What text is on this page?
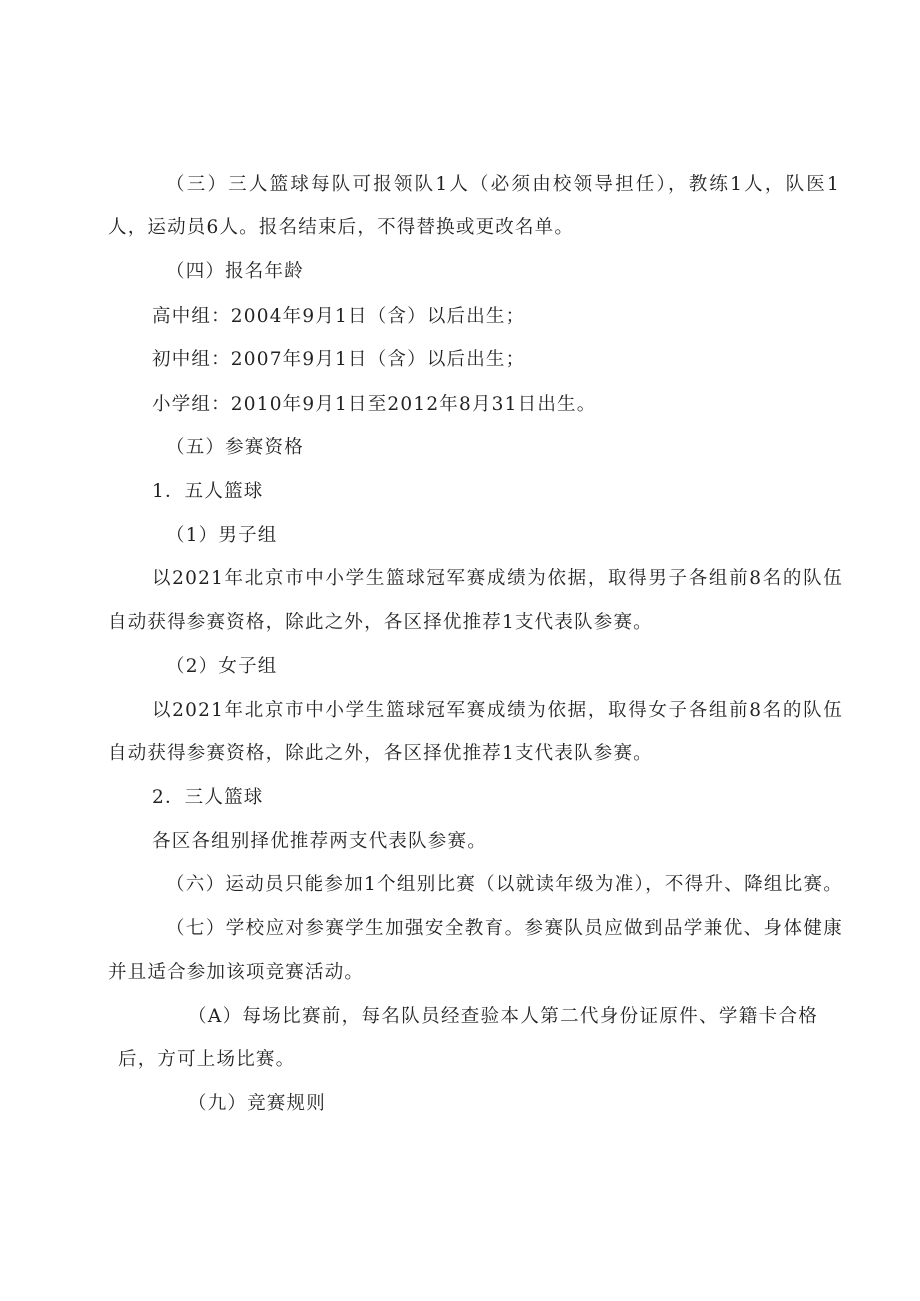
（三）三人篮球每队可报领队1人（必须由校领导担任），教练1人，队医1
人，运动员6人。报名结束后，不得替换或更改名单。
（四）报名年龄
高中组：2004年9月1日（含）以后出生；
初中组：2007年9月1日（含）以后出生；
小学组：2010年9月1日至2012年8月31日出生。
（五）参赛资格
1．五人篮球
（1）男子组
以2021年北京市中小学生篮球冠军赛成绩为依据，取得男子各组前8名的队伍
自动获得参赛资格，除此之外，各区择优推荐1支代表队参赛。
（2）女子组
以2021年北京市中小学生篮球冠军赛成绩为依据，取得女子各组前8名的队伍
自动获得参赛资格，除此之外，各区择优推荐1支代表队参赛。
2．三人篮球
各区各组别择优推荐两支代表队参赛。
（六）运动员只能参加1个组别比赛（以就读年级为准），不得升、降组比赛。
（七）学校应对参赛学生加强安全教育。参赛队员应做到品学兼优、身体健康
并且适合参加该项竞赛活动。
（A）每场比赛前，每名队员经查验本人第二代身份证原件、学籍卡合格
后，方可上场比赛。
（九）竞赛规则
